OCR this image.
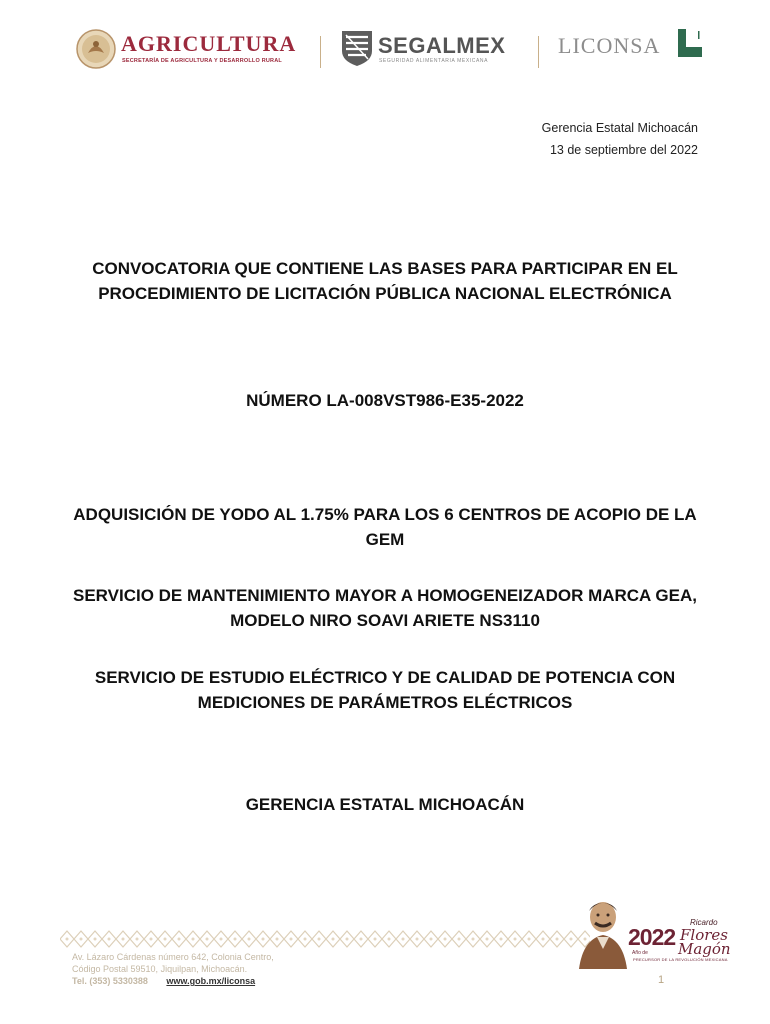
AGRICULTURA
SECRETARÍA DE AGRICULTURA Y DESARROLLO RURAL
SEGALMEX
SEGURIDAD ALIMENTARIA MEXICANA
LICONSA
Gerencia Estatal Michoacán
13 de septiembre del 2022
CONVOCATORIA QUE CONTIENE LAS BASES PARA PARTICIPAR EN EL PROCEDIMIENTO DE LICITACIÓN PÚBLICA NACIONAL ELECTRÓNICA
NÚMERO LA-008VST986-E35-2022
ADQUISICIÓN DE YODO AL 1.75% PARA LOS 6 CENTROS DE ACOPIO DE LA GEM
SERVICIO DE MANTENIMIENTO MAYOR A HOMOGENEIZADOR MARCA GEA, MODELO NIRO SOAVI ARIETE NS3110
SERVICIO DE ESTUDIO ELÉCTRICO Y DE CALIDAD DE POTENCIA CON MEDICIONES DE PARÁMETROS ELÉCTRICOS
GERENCIA ESTATAL MICHOACÁN
Av. Lázaro Cárdenas número 642, Colonia Centro,
Código Postal 59510, Jiquilpan, Michoacán.
Tel. (353) 5330388 www.gob.mx/liconsa	1
2022
Año de
Ricardo
Flores
Magón
PRECURSOR DE LA REVOLUCIÓN MEXICANA
